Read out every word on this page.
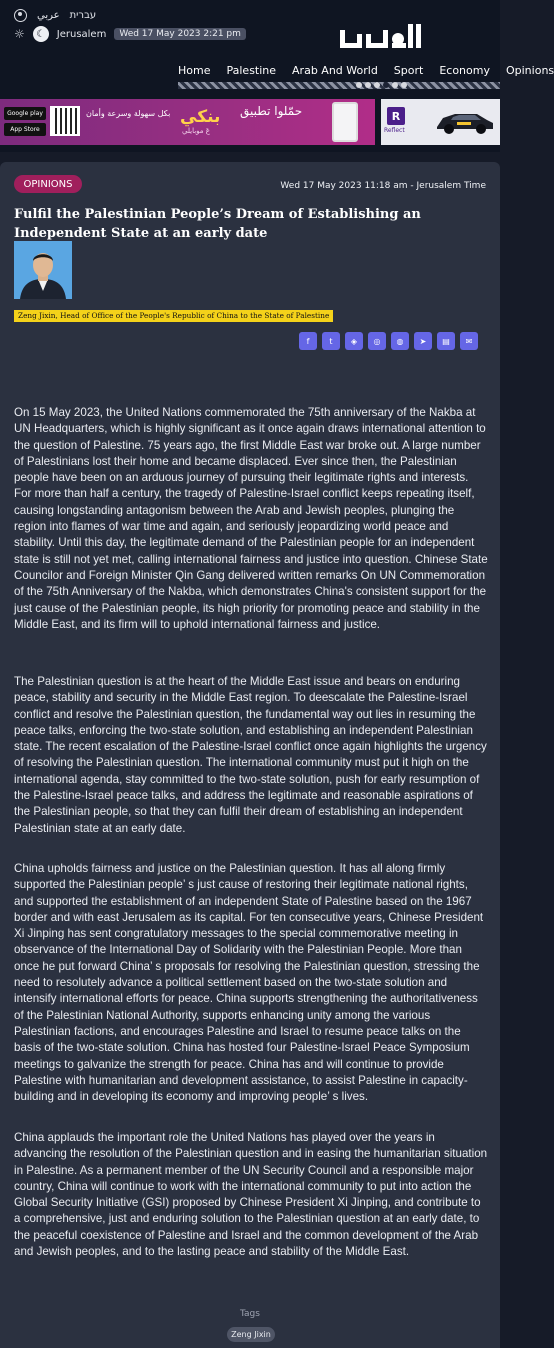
عربي עברית
☼	☾	Jerusalem	Wed 17 May 2023 2:21 pm
Home Palestine Arab And World Sport Economy Opinions
Google play
App Store
بكل سهولة وسرعة وأمان بنكي حمّلوا تطبيق
عَ موبايلي
R
Reflect
OPINIONS	Wed 17 May 2023 11:18 am - Jerusalem Time
Fulfil the Palestinian People’s Dream of Establishing an Independent State at an early date
Zeng Jixin, Head of Office of the People's Republic of China to the State of Palestine
f	t	◈	◎	◍	➤	▤	✉

On 15 May 2023, the United Nations commemorated the 75th anniversary of the Nakba at UN Headquarters, which is highly significant as it once again draws international attention to the question of Palestine. 75 years ago, the first Middle East war broke out. A large number of Palestinians lost their home and became displaced. Ever since then, the Palestinian people have been on an arduous journey of pursuing their legitimate rights and interests. For more than half a century, the tragedy of Palestine-Israel conflict keeps repeating itself, causing longstanding antagonism between the Arab and Jewish peoples, plunging the region into flames of war time and again, and seriously jeopardizing world peace and stability. Until this day, the legitimate demand of the Palestinian people for an independent state is still not yet met, calling international fairness and justice into question. Chinese State Councilor and Foreign Minister Qin Gang delivered written remarks On UN Commemoration of the 75th Anniversary of the Nakba, which demonstrates China's consistent support for the just cause of the Palestinian people, its high priority for promoting peace and stability in the Middle East, and its firm will to uphold international fairness and justice.

The Palestinian question is at the heart of the Middle East issue and bears on enduring peace, stability and security in the Middle East region. To deescalate the Palestine-Israel conflict and resolve the Palestinian question, the fundamental way out lies in resuming the peace talks, enforcing the two-state solution, and establishing an independent Palestinian state. The recent escalation of the Palestine-Israel conflict once again highlights the urgency of resolving the Palestinian question. The international community must put it high on the international agenda, stay committed to the two-state solution, push for early resumption of the Palestine-Israel peace talks, and address the legitimate and reasonable aspirations of the Palestinian people, so that they can fulfil their dream of establishing an independent Palestinian state at an early date.

China upholds fairness and justice on the Palestinian question. It has all along firmly supported the Palestinian people’ s just cause of restoring their legitimate national rights, and supported the establishment of an independent State of Palestine based on the 1967 border and with east Jerusalem as its capital. For ten consecutive years, Chinese President Xi Jinping has sent congratulatory messages to the special commemorative meeting in observance of the International Day of Solidarity with the Palestinian People. More than once he put forward China’ s proposals for resolving the Palestinian question, stressing the need to resolutely advance a political settlement based on the two-state solution and intensify international efforts for peace. China supports strengthening the authoritativeness of the Palestinian National Authority, supports enhancing unity among the various Palestinian factions, and encourages Palestine and Israel to resume peace talks on the basis of the two-state solution. China has hosted four Palestine-Israel Peace Symposium meetings to galvanize the strength for peace. China has and will continue to provide Palestine with humanitarian and development assistance, to assist Palestine in capacity-building and in developing its economy and improving people’ s lives.

China applauds the important role the United Nations has played over the years in advancing the resolution of the Palestinian question and in easing the humanitarian situation in Palestine. As a permanent member of the UN Security Council and a responsible major country, China will continue to work with the international community to put into action the Global Security Initiative (GSI) proposed by Chinese President Xi Jinping, and contribute to a comprehensive, just and enduring solution to the Palestinian question at an early date, to the peaceful coexistence of Palestine and Israel and the common development of the Arab and Jewish peoples, and to the lasting peace and stability of the Middle East.

Tags
Zeng Jixin
